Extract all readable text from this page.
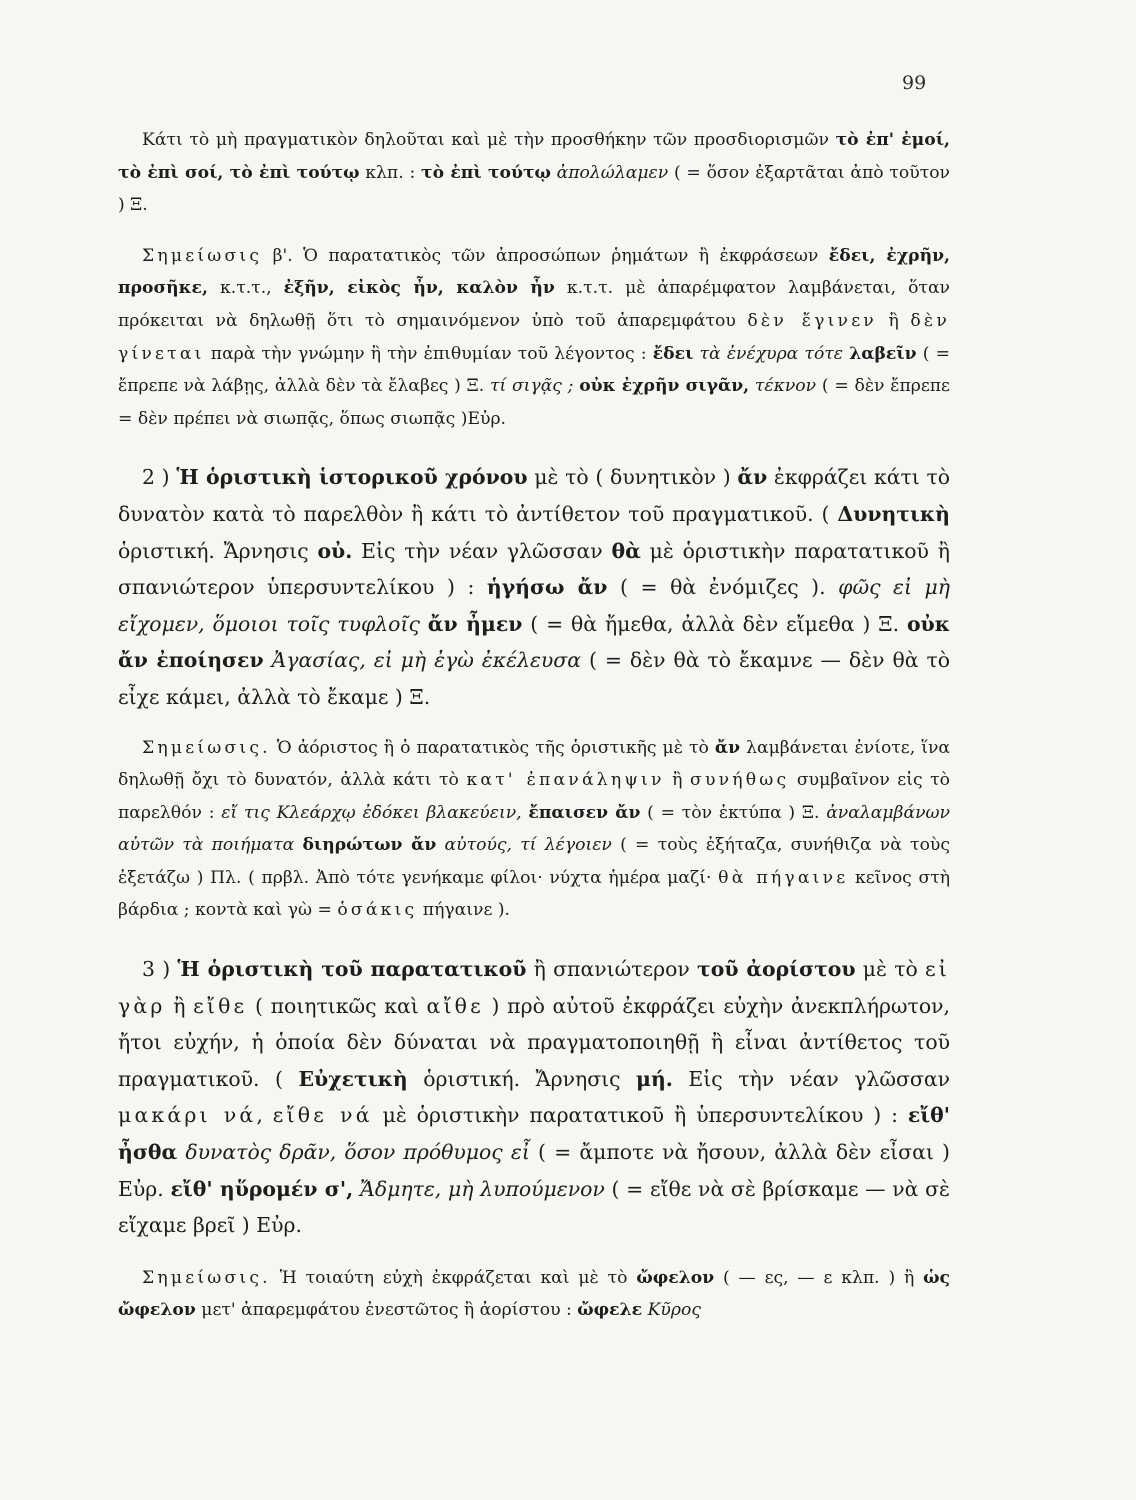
99

Κάτι τὸ μὴ πραγματικὸν δηλοῦται καὶ μὲ τὴν προσθήκην τῶν προσδιορισμῶν τὸ ἐπ' ἐμοί, τὸ ἐπὶ σοί, τὸ ἐπὶ τούτῳ κλπ. : τὸ ἐπὶ τούτῳ ἀπολώλαμεν ( = ὅσον ἐξαρτᾶται ἀπὸ τοῦτον ) Ξ.

Σημείωσις β'. Ὁ παρατατικὸς τῶν ἀπροσώπων ῥημάτων ἢ ἐκφράσεων ἔδει, ἐχρῆν, προσῆκε, κ.τ.τ., ἐξῆν, εἰκὸς ἦν, καλὸν ἦν κ.τ.τ. μὲ ἀπαρέμφατον λαμβάνεται, ὅταν πρόκειται νὰ δηλωθῇ ὅτι τὸ σημαινόμενον ὑπὸ τοῦ ἀπαρεμφάτου δὲν ἔγινεν ἢ δὲν γίνεται παρὰ τὴν γνώμην ἢ τὴν ἐπιθυμίαν τοῦ λέγοντος : ἔδει τὰ ἐνέχυρα τότε λαβεῖν ( = ἔπρεπε νὰ λάβῃς, ἀλλὰ δὲν τὰ ἔλαβες ) Ξ. τί σιγᾷς ; οὐκ ἐχρῆν σιγᾶν, τέκνον ( = δὲν ἔπρεπε = δὲν πρέπει νὰ σιωπᾷς, ὅπως σιωπᾷς )Εὐρ.

2 ) Ἡ ὁριστικὴ ἱστορικοῦ χρόνου μὲ τὸ ( δυνητικὸν ) ἄν ἐκφράζει κάτι τὸ δυνατὸν κατὰ τὸ παρελθὸν ἢ κάτι τὸ ἀντίθετον τοῦ πραγματικοῦ. ( Δυνητικὴ ὁριστική. Ἄρνησις οὐ. Εἰς τὴν νέαν γλῶσσαν θὰ μὲ ὁριστικὴν παρατατικοῦ ἢ σπανιώτερον ὑπερσυντελίκου ) : ἡγήσω ἄν ( = θὰ ἐνόμιζες ). φῶς εἰ μὴ εἴχομεν, ὅμοιοι τοῖς τυφλοῖς ἄν ἦμεν ( = θὰ ἤμεθα, ἀλλὰ δὲν εἴμεθα ) Ξ. οὐκ ἄν ἐποίησεν Ἀγασίας, εἰ μὴ ἐγὼ ἐκέλευσα ( = δὲν θὰ τὸ ἔκαμνε — δὲν θὰ τὸ εἶχε κάμει, ἀλλὰ τὸ ἔκαμε ) Ξ.

Σημείωσις. Ὁ ἀόριστος ἢ ὁ παρατατικὸς τῆς ὁριστικῆς μὲ τὸ ἄν λαμβάνεται ἐνίοτε, ἵνα δηλωθῇ ὄχι τὸ δυνατόν, ἀλλὰ κάτι τὸ κατ' ἐπανάληψιν ἢ συνήθως συμβαῖνον εἰς τὸ παρελθόν : εἴ τις Κλεάρχῳ ἐδόκει βλακεύειν, ἔπαισεν ἄν ( = τὸν ἐκτύπα ) Ξ. ἀναλαμβάνων αὐτῶν τὰ ποιήματα διηρώτων ἄν αὐτούς, τί λέγοιεν ( = τοὺς ἐξήταζα, συνήθιζα νὰ τοὺς ἐξετάζω ) Πλ. ( πρβλ. Ἀπὸ τότε γενήκαμε φίλοι· νύχτα ἡμέρα μαζί· θὰ πήγαινε κεῖνος στὴ βάρδια ; κοντὰ καὶ γὼ = ὁσάκις πήγαινε ).

3 ) Ἡ ὁριστικὴ τοῦ παρατατικοῦ ἢ σπανιώτερον τοῦ ἀορίστου μὲ τὸ εἰ γὰρ ἢ εἴθε ( ποιητικῶς καὶ αἴθε ) πρὸ αὐτοῦ ἐκφράζει εὐχὴν ἀνεκπλήρωτον, ἤτοι εὐχήν, ἡ ὁποία δὲν δύναται νὰ πραγματοποιηθῇ ἢ εἶναι ἀντίθετος τοῦ πραγματικοῦ. ( Εὐχετικὴ ὁριστική. Ἄρνησις μή. Εἰς τὴν νέαν γλῶσσαν μακάρι νά, εἴθε νά μὲ ὁριστικὴν παρατατικοῦ ἢ ὑπερσυντελίκου ) : εἴθ' ἦσθα δυνατὸς δρᾶν, ὅσον πρόθυμος εἶ ( = ἄμποτε νὰ ἤσουν, ἀλλὰ δὲν εἶσαι ) Εὐρ. εἴθ' ηὕρομέν σ', Ἄδμητε, μὴ λυπούμενον ( = εἴθε νὰ σὲ βρίσκαμε — νὰ σὲ εἴχαμε βρεῖ ) Εὐρ.

Σημείωσις. Ἡ τοιαύτη εὐχὴ ἐκφράζεται καὶ μὲ τὸ ὤφελον ( — ες, — ε κλπ. ) ἢ ὡς ὤφελον μετ' ἀπαρεμφάτου ἐνεστῶτος ἢ ἀορίστου : ὤφελε Κῦρος
